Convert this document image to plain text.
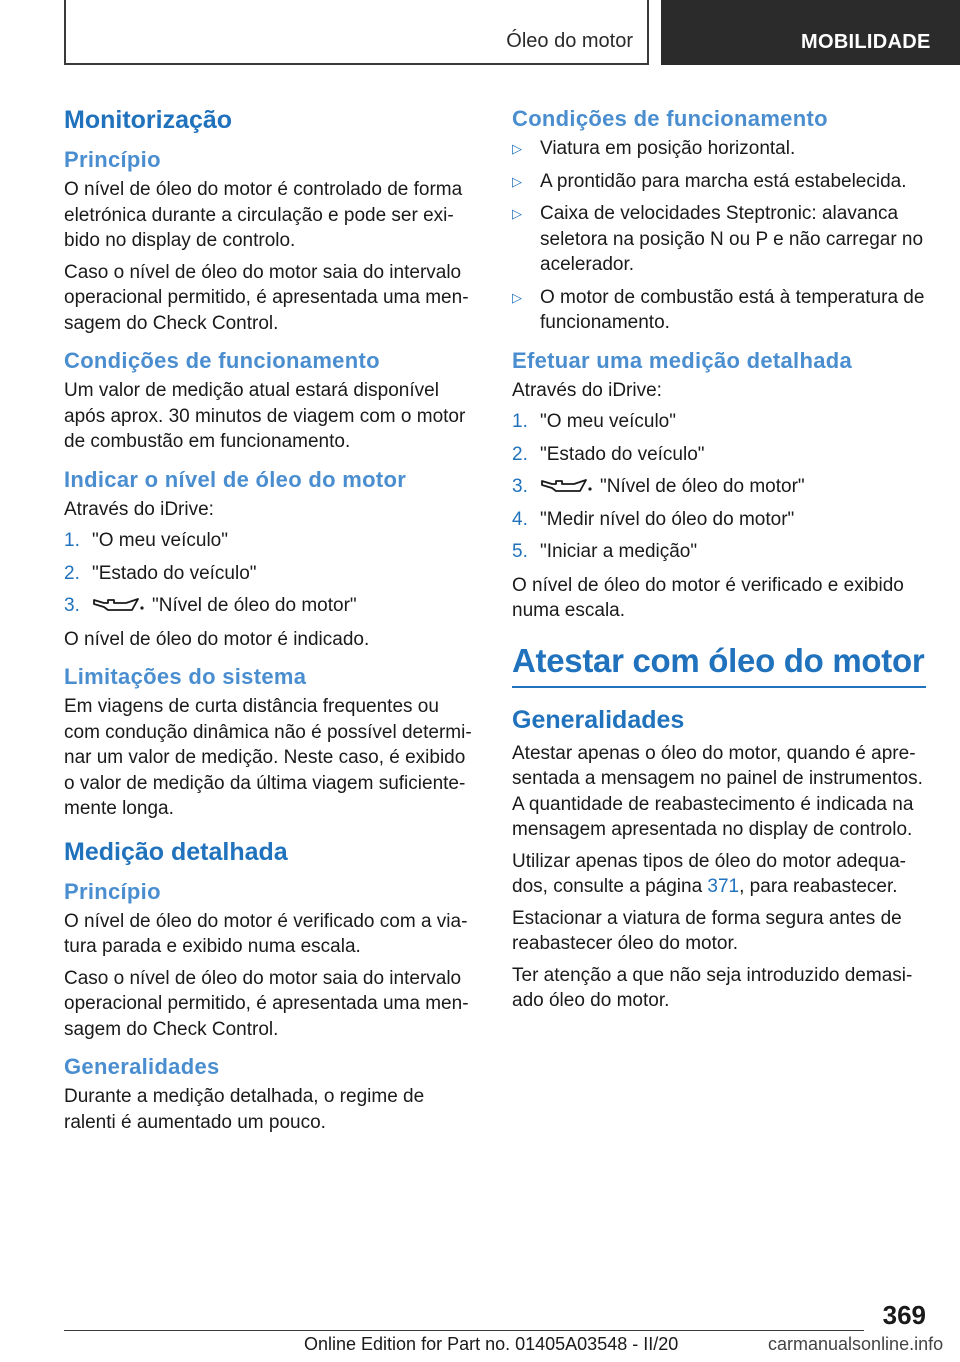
Óleo do motor	MOBILIDADE
Monitorização
Princípio

O nível de óleo do motor é controlado de forma eletrónica durante a circulação e pode ser exibido no display de controlo.

Caso o nível de óleo do motor saia do intervalo operacional permitido, é apresentada uma mensagem do Check Control.

Condições de funcionamento

Um valor de medição atual estará disponível após aprox. 30 minutos de viagem com o motor de combustão em funcionamento.

Indicar o nível de óleo do motor

Através do iDrive:

1. "O meu veículo"
2. "Estado do veículo"
3.	"Nível de óleo do motor"

O nível de óleo do motor é indicado.

Limitações do sistema

Em viagens de curta distância frequentes ou com condução dinâmica não é possível determinar um valor de medição. Neste caso, é exibido o valor de medição da última viagem suficientemente longa.

Medição detalhada
Princípio

O nível de óleo do motor é verificado com a viatura parada e exibido numa escala.

Caso o nível de óleo do motor saia do intervalo operacional permitido, é apresentada uma mensagem do Check Control.

Generalidades

Durante a medição detalhada, o regime de ralenti é aumentado um pouco.

Condições de funcionamento
▷ Viatura em posição horizontal.
▷ A prontidão para marcha está estabelecida.
▷ Caixa de velocidades Steptronic: alavanca seletora na posição N ou P e não carregar no acelerador.
▷ O motor de combustão está à temperatura de funcionamento.
Efetuar uma medição detalhada

Através do iDrive:

1. "O meu veículo"
2. "Estado do veículo"
3.	"Nível de óleo do motor"
4. "Medir nível do óleo do motor"
5. "Iniciar a medição"

O nível de óleo do motor é verificado e exibido numa escala.

Atestar com óleo do motor
Generalidades

Atestar apenas o óleo do motor, quando é apresentada a mensagem no painel de instrumentos. A quantidade de reabastecimento é indicada na mensagem apresentada no display de controlo.

Utilizar apenas tipos de óleo do motor adequados, consulte a página 371, para reabastecer.

Estacionar a viatura de forma segura antes de reabastecer óleo do motor.

Ter atenção a que não seja introduzido demasiado óleo do motor.

369
Online Edition for Part no. 01405A03548 - II/20	carmanualsonline.info
